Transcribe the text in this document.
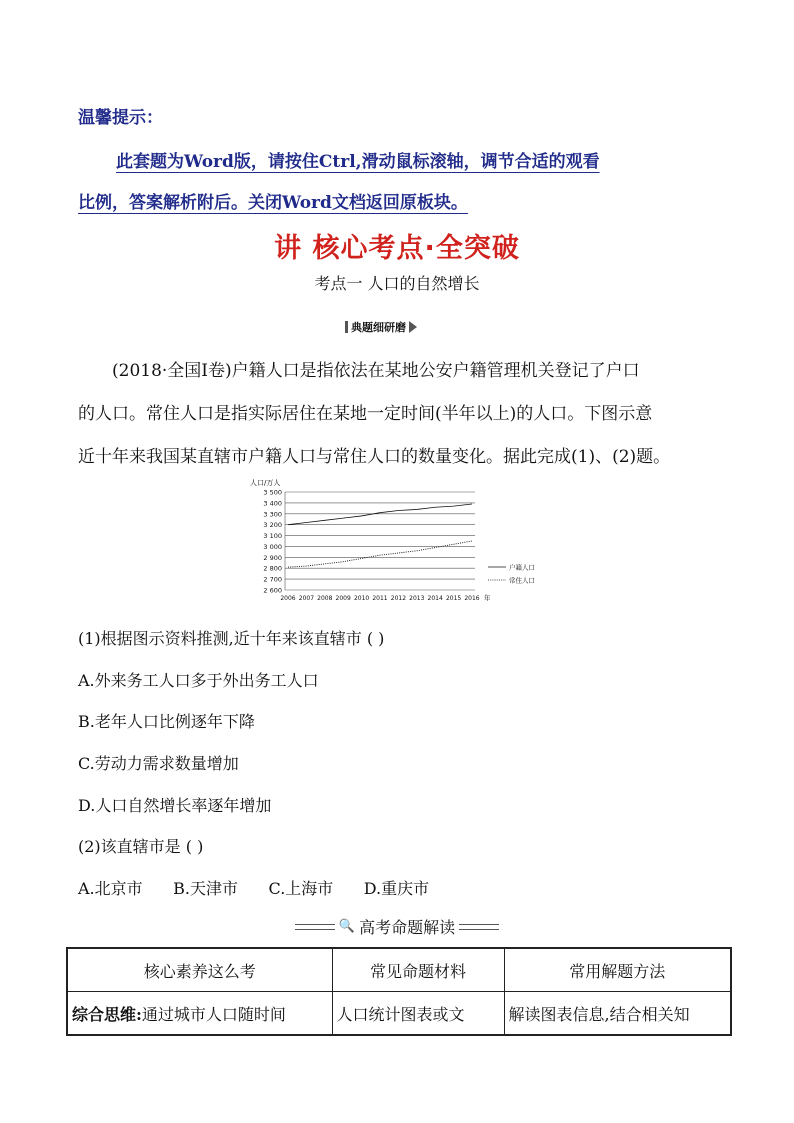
温馨提示：
此套题为Word版，请按住Ctrl,滑动鼠标滚轴，调节合适的观看
比例，答案解析附后。关闭Word文档返回原板块。
讲 核心考点·全突破
考点一 人口的自然增长
典题细研磨

(2018·全国Ⅰ卷)户籍人口是指依法在某地公安户籍管理机关登记了户口

的人口。常住人口是指实际居住在某地一定时间(半年以上)的人口。下图示意

近十年来我国某直辖市户籍人口与常住人口的数量变化。据此完成(1)、(2)题。

人口/万人
2 600
2 700
2 800
2 900
3 000
3 100
3 200
3 300
3 400
3 500
2006 2007 2008 2009 2010 2011 2012 2013 2014 2015 2016 年
户籍人口
常住人口
(1)根据图示资料推测,近十年来该直辖市 ( )
A.外来务工人口多于外出务工人口
B.老年人口比例逐年下降
C.劳动力需求数量增加
D.人口自然增长率逐年增加
(2)该直辖市是 ( )
A.北京市      B.天津市      C.上海市      D.重庆市
🔍 高考命题解读
核心素养这么考	常见命题材料	常用解题方法
综合思维:通过城市人口随时间	人口统计图表或文	解读图表信息,结合相关知
